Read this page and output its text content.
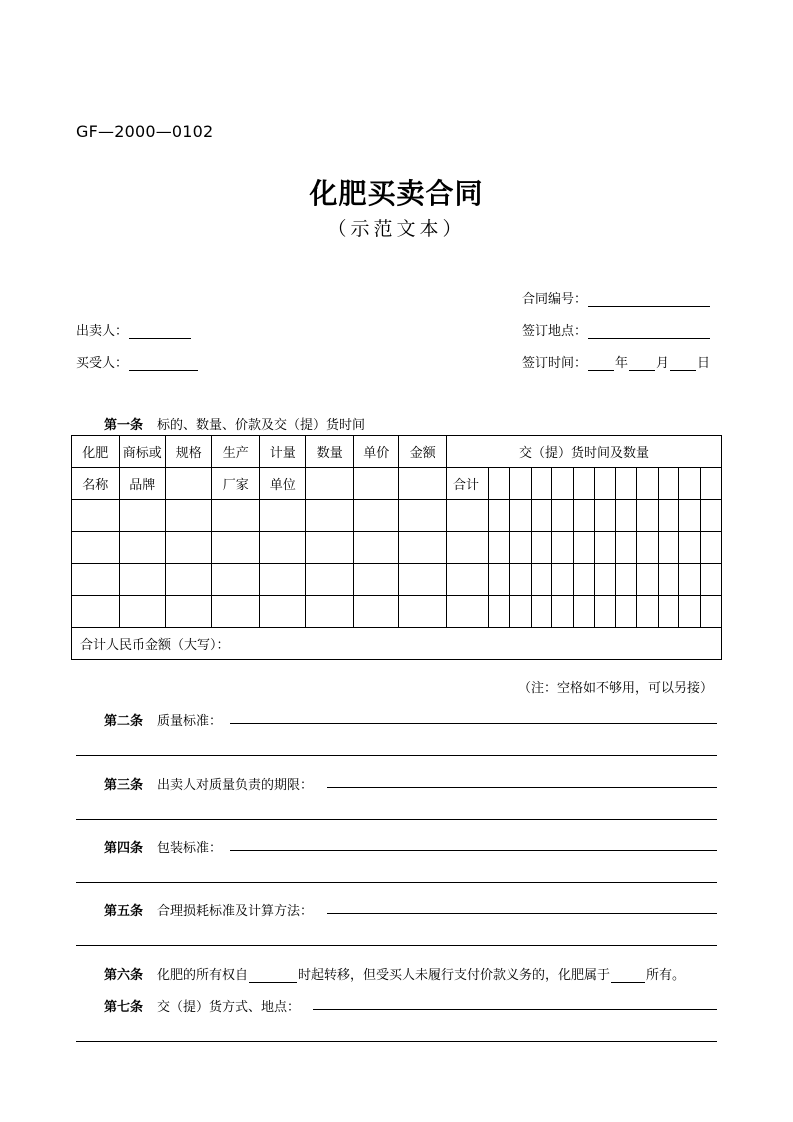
GF—2000—0102
化肥买卖合同
（示范文本）
合同编号：
出卖人：	签订地点：
买受人：	签订时间： 年 月 日
第一条 标的、数量、价款及交（提）货时间
化肥	商标或	规格	生产	计量	数量	单价	金额	交（提）货时间及数量											
名称	品牌		厂家	单位				合计											

合计人民币金额（大写）：																			
（注：空格如不够用，可以另接）
第二条 质量标准：
第三条 出卖人对质量负责的期限：
第四条 包装标准：
第五条 合理损耗标准及计算方法：
第六条 化肥的所有权自	时起转移，但受买人未履行支付价款义务的，化肥属于	所有。
第七条 交（提）货方式、地点：
